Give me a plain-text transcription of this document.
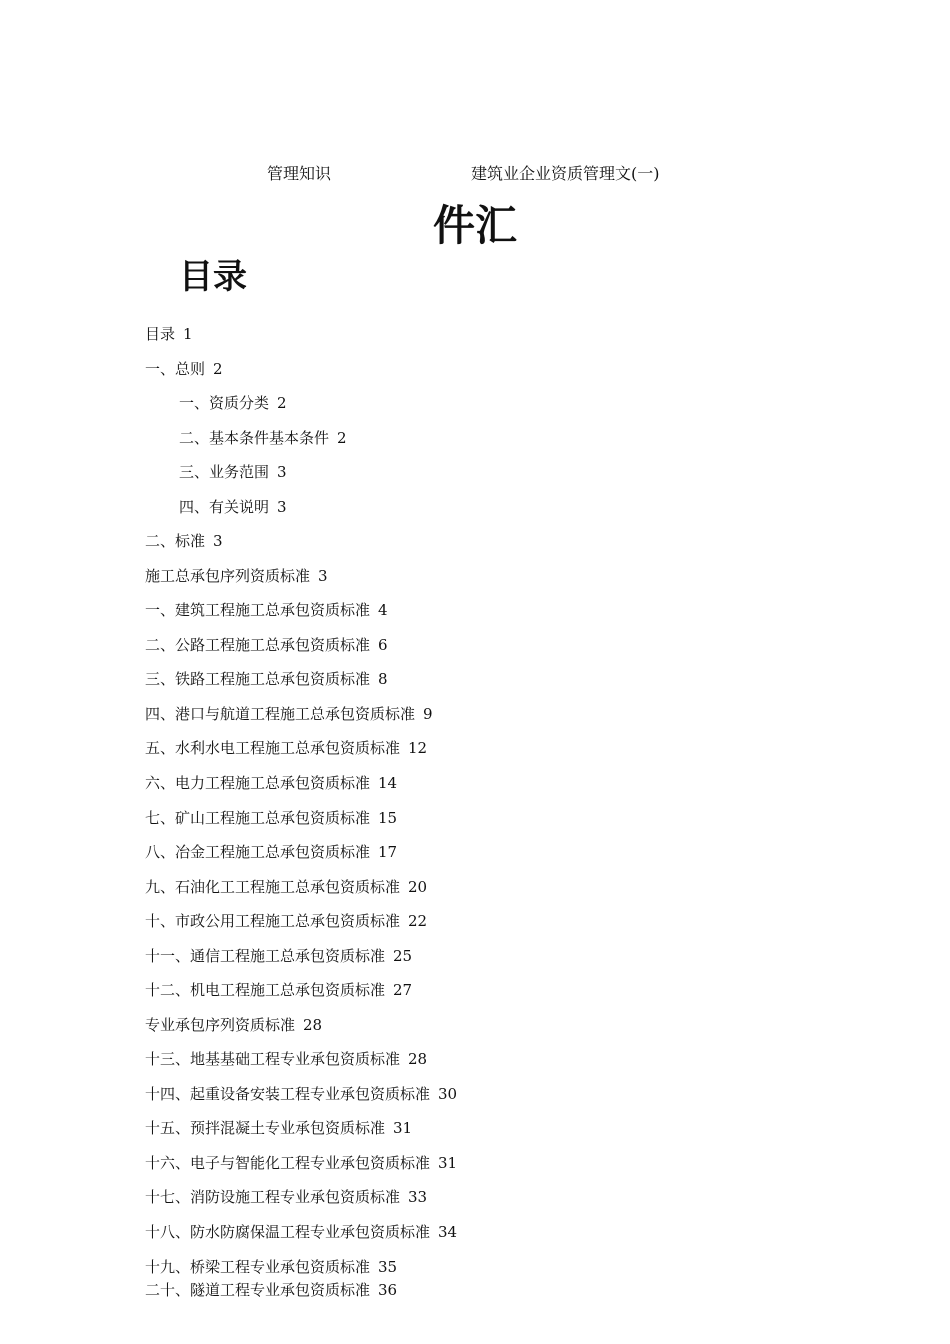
管理知识	建筑业企业资质管理文(一)
件汇
目录
目录 1
一、总则 2
一、资质分类 2
二、基本条件基本条件 2
三、业务范围 3
四、有关说明 3
二、标准 3
施工总承包序列资质标准 3
一、建筑工程施工总承包资质标准 4
二、公路工程施工总承包资质标准 6
三、铁路工程施工总承包资质标准 8
四、港口与航道工程施工总承包资质标准 9
五、水利水电工程施工总承包资质标准 12
六、电力工程施工总承包资质标准 14
七、矿山工程施工总承包资质标准 15
八、冶金工程施工总承包资质标准 17
九、石油化工工程施工总承包资质标准 20
十、市政公用工程施工总承包资质标准 22
十一、通信工程施工总承包资质标准 25
十二、机电工程施工总承包资质标准 27
专业承包序列资质标准 28
十三、地基基础工程专业承包资质标准 28
十四、起重设备安装工程专业承包资质标准 30
十五、预拌混凝土专业承包资质标准 31
十六、电子与智能化工程专业承包资质标准 31
十七、消防设施工程专业承包资质标准 33
十八、防水防腐保温工程专业承包资质标准 34
十九、桥梁工程专业承包资质标准 35
二十、隧道工程专业承包资质标准 36
